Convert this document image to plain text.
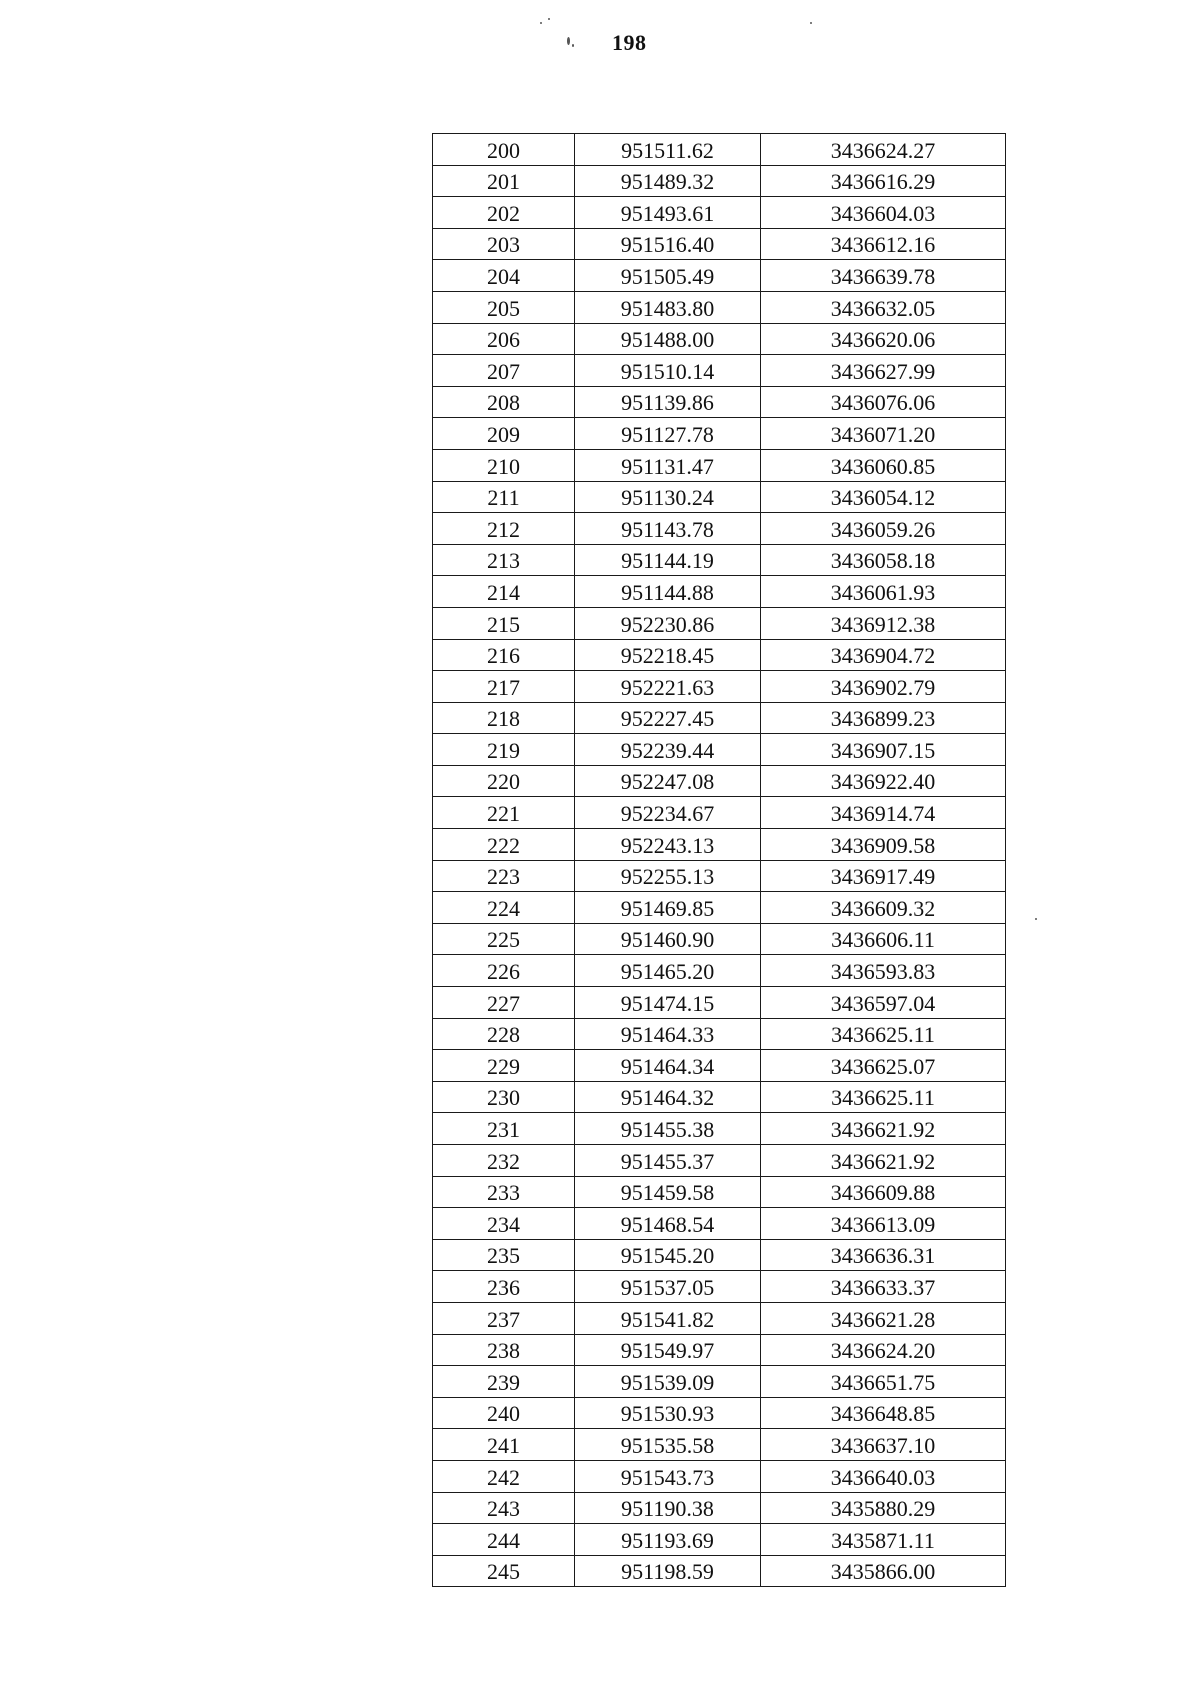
198
200	951511.62	3436624.27
201	951489.32	3436616.29
202	951493.61	3436604.03
203	951516.40	3436612.16
204	951505.49	3436639.78
205	951483.80	3436632.05
206	951488.00	3436620.06
207	951510.14	3436627.99
208	951139.86	3436076.06
209	951127.78	3436071.20
210	951131.47	3436060.85
211	951130.24	3436054.12
212	951143.78	3436059.26
213	951144.19	3436058.18
214	951144.88	3436061.93
215	952230.86	3436912.38
216	952218.45	3436904.72
217	952221.63	3436902.79
218	952227.45	3436899.23
219	952239.44	3436907.15
220	952247.08	3436922.40
221	952234.67	3436914.74
222	952243.13	3436909.58
223	952255.13	3436917.49
224	951469.85	3436609.32
225	951460.90	3436606.11
226	951465.20	3436593.83
227	951474.15	3436597.04
228	951464.33	3436625.11
229	951464.34	3436625.07
230	951464.32	3436625.11
231	951455.38	3436621.92
232	951455.37	3436621.92
233	951459.58	3436609.88
234	951468.54	3436613.09
235	951545.20	3436636.31
236	951537.05	3436633.37
237	951541.82	3436621.28
238	951549.97	3436624.20
239	951539.09	3436651.75
240	951530.93	3436648.85
241	951535.58	3436637.10
242	951543.73	3436640.03
243	951190.38	3435880.29
244	951193.69	3435871.11
245	951198.59	3435866.00
